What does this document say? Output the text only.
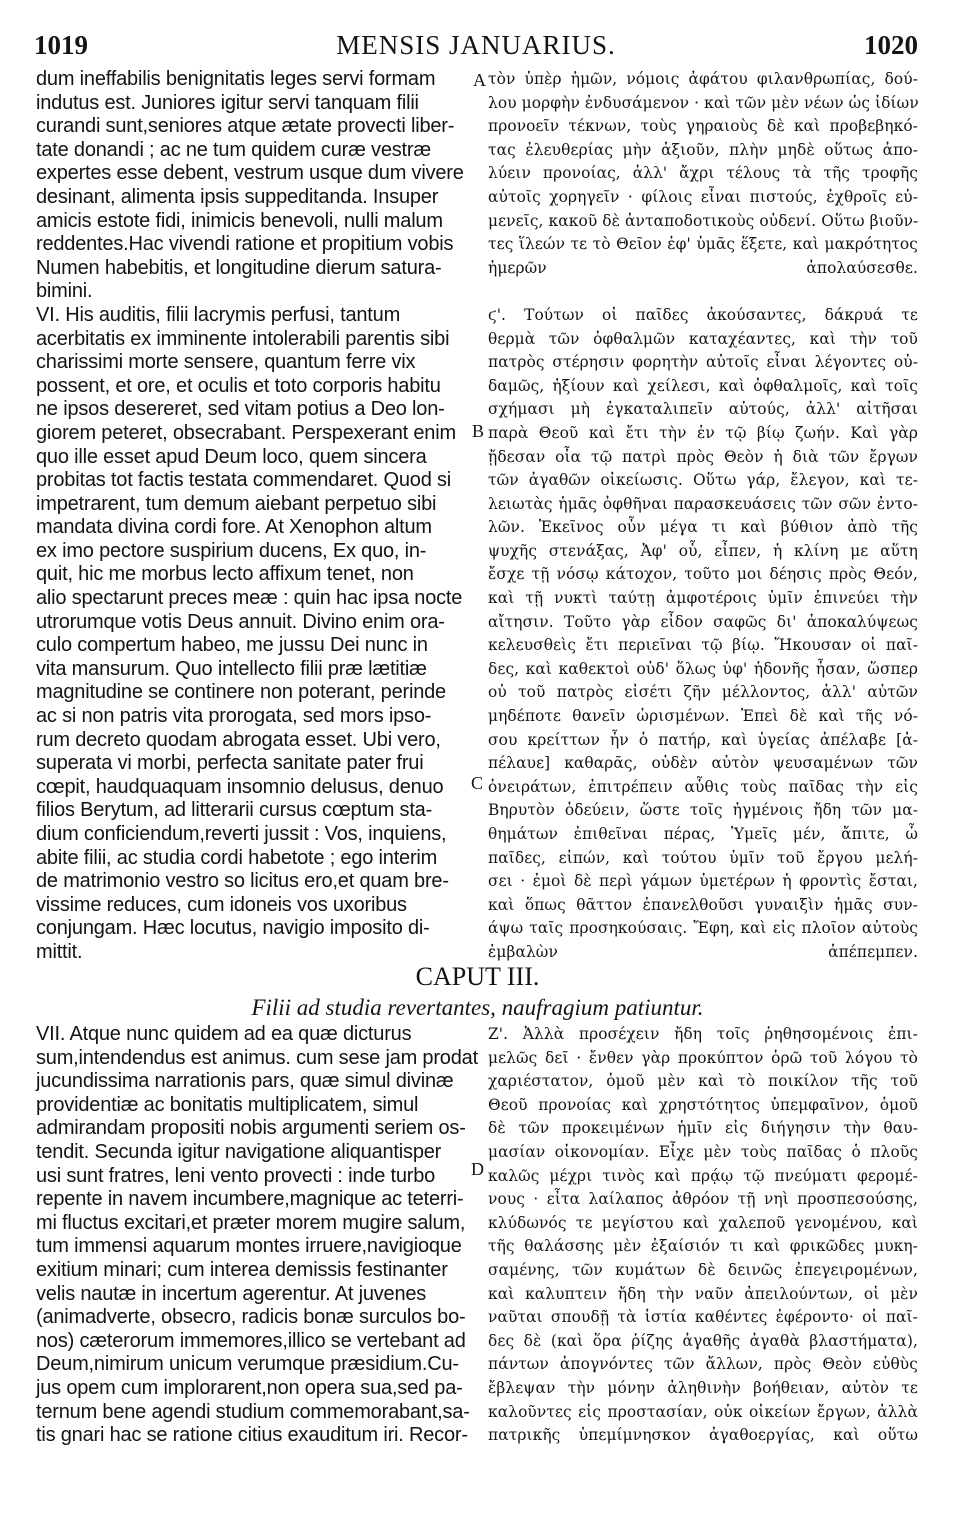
1019	MENSIS JANUARIUS.	1020
dum ineffabilis benignitatis leges servi formam
indutus est. Juniores igitur servi tanquam filii
curandi sunt,seniores atque ætate provecti liber-
tate donandi ; ac ne tum quidem curæ vestræ
expertes esse debent, vestrum usque dum vivere
desinant, alimenta ipsis suppeditanda. Insuper
amicis estote fidi, inimicis benevoli, nulli malum
reddentes.Hac vivendi ratione et propitium vobis
Numen habebitis, et longitudine dierum satura-
bimini.
VI. His auditis, filii lacrymis perfusi, tantum
acerbitatis ex imminente intolerabili parentis sibi
charissimi morte sensere, quantum ferre vix
possent, et ore, et oculis et toto corporis habitu
ne ipsos desereret, sed vitam potius a Deo lon-
giorem peteret, obsecrabant. Perspexerant enim
quo ille esset apud Deum loco, quem sincera
probitas tot factis testata commendaret. Quod si
impetrarent, tum demum aiebant perpetuo sibi
mandata divina cordi fore. At Xenophon altum
ex imo pectore suspirium ducens, Ex quo, in-
quit, hic me morbus lecto affixum tenet, non
alio spectarunt preces meæ : quin hac ipsa nocte
utrorumque votis Deus annuit. Divino enim ora-
culo compertum habeo, me jussu Dei nunc in
vita mansurum. Quo intellecto filii præ lætitiæ
magnitudine se continere non poterant, perinde
ac si non patris vita prorogata, sed mors ipso-
rum decreto quodam abrogata esset. Ubi vero,
superata vi morbi, perfecta sanitate pater frui
cœpit, haudquaquam insomnio delusus, denuo
filios Berytum, ad litterarii cursus cœptum sta-
dium conficiendum,reverti jussit : Vos, inquiens,
abite filii, ac studia cordi habetote ; ego interim
de matrimonio vestro so licitus ero,et quam bre-
vissime reduces, cum idoneis vos uxoribus
conjungam. Hæc locutus, navigio imposito di-
mittit.
τὸν ὑπὲρ ἡμῶν, νόμοις ἀφάτου φιλανθρωπίας, δού-
λου μορφὴν ἐνδυσάμενον · καὶ τῶν μὲν νέων ὡς ἰδίων
προνοεῖν τέκνων, τοὺς γηραιοὺς δὲ καὶ προβεβηκό-
τας ἐλευθερίας μὴν ἀξιοῦν, πλὴν μηδὲ οὕτως ἀπο-
λύειν προνοίας, ἀλλ' ἄχρι τέλους τὰ τῆς τροφῆς
αὐτοῖς χορηγεῖν · φίλοις εἶναι πιστούς, ἐχθροῖς εὐ-
μενεῖς, κακοῦ δὲ ἀνταποδοτικοὺς οὐδενί. Οὕτω βιοῦν-
τες ἵλεών τε τὸ Θεῖον ἐφ' ὑμᾶς ἕξετε, καὶ μακρότητος
ἡμερῶν ἀπολαύσεσθε.
ϛ'. Τούτων οἱ παῖδες ἀκούσαντες, δάκρυά τε
θερμὰ τῶν ὀφθαλμῶν καταχέαντες, καὶ τὴν τοῦ
πατρὸς στέρησιν φορητὴν αὐτοῖς εἶναι λέγοντες οὐ-
δαμῶς, ἠξίουν καὶ χείλεσι, καὶ ὀφθαλμοῖς, καὶ τοῖς
σχήμασι μὴ ἐγκαταλιπεῖν αὐτούς, ἀλλ' αἰτῆσαι
παρὰ Θεοῦ καὶ ἔτι τὴν ἐν τῷ βίῳ ζωήν. Καὶ γὰρ
ᾔδεσαν οἷα τῷ πατρὶ πρὸς Θεὸν ἡ διὰ τῶν ἔργων
τῶν ἀγαθῶν οἰκείωσις. Οὕτω γάρ, ἔλεγον, καὶ τε-
λειωτὰς ἡμᾶς ὀφθῆναι παρασκευάσεις τῶν σῶν ἐντο-
λῶν. Ἐκεῖνος οὖν μέγα τι καὶ βύθιον ἀπὸ τῆς
ψυχῆς στενάξας, Ἀφ' οὗ, εἶπεν, ἡ κλίνη με αὕτη
ἔσχε τῇ νόσῳ κάτοχον, τοῦτο μοι δέησις πρὸς Θεόν,
καὶ τῇ νυκτὶ ταύτῃ ἀμφοτέροις ὑμῖν ἐπινεύει τὴν
αἴτησιν. Τοῦτο γὰρ εἶδον σαφῶς δι' ἀποκαλύψεως
κελευσθεὶς ἔτι περιεῖναι τῷ βίῳ. Ἤκουσαν οἱ παῖ-
δες, καὶ καθεκτοὶ οὐδ' ὅλως ὑφ' ἡδονῆς ἦσαν, ὥσπερ
οὐ τοῦ πατρὸς εἰσέτι ζῆν μέλλοντος, ἀλλ' αὐτῶν
μηδέποτε θανεῖν ὡρισμένων. Ἐπεὶ δὲ καὶ τῆς νό-
σου κρείττων ἦν ὁ πατήρ, καὶ ὑγείας ἀπέλαβε [ἀ-
πέλαυε] καθαρᾶς, οὐδὲν αὐτὸν ψευσαμένων τῶν
ὀνειράτων, ἐπιτρέπειν αὖθις τοὺς παῖδας τὴν εἰς
Βηρυτὸν ὁδεύειν, ὥστε τοῖς ἠγμένοις ἤδη τῶν μα-
θημάτων ἐπιθεῖναι πέρας, Ὑμεῖς μέν, ἄπιτε, ὦ
παῖδες, εἰπών, καὶ τούτου ὑμῖν τοῦ ἔργου μελή-
σει · ἐμοὶ δὲ περὶ γάμων ὑμετέρων ἡ φροντὶς ἔσται,
καὶ ὅπως θᾶττον ἐπανελθοῦσι γυναιξὶν ἡμᾶς συν-
άψω ταῖς προσηκούσαις. Ἔφη, καὶ εἰς πλοῖον αὐτοὺς
ἐμβαλὼν ἀπέπεμπεν.
A
B
C
D
CAPUT III.
Filii ad studia revertantes, naufragium patiuntur.
VII. Atque nunc quidem ad ea quæ dicturus
sum,intendendus est animus. cum sese jam prodat
jucundissima narrationis pars, quæ simul divinæ
providentiæ ac bonitatis multiplicatem, simul
admirandam propositi nobis argumenti seriem os-
tendit. Secunda igitur navigatione aliquantisper
usi sunt fratres, leni vento provecti : inde turbo
repente in navem incumbere,magnique ac teterri-
mi fluctus excitari,et præter morem mugire salum,
tum immensi aquarum montes irruere,navigioque
exitium minari; cum interea demissis festinanter
velis nautæ in incertum agerentur. At juvenes
(animadverte, obsecro, radicis bonæ surculos bo-
nos) cæterorum immemores,illico se vertebant ad
Deum,nimirum unicum verumque præsidium.Cu-
jus opem cum implorarent,non opera sua,sed pa-
ternum bene agendi studium commemorabant,sa-
tis gnari hac se ratione citius exauditum iri. Recor-
Ζ'. Ἀλλὰ προσέχειν ἤδη τοῖς ῥηθησομένοις ἐπι-
μελῶς δεῖ · ἔνθεν γὰρ προκύπτον ὁρῶ τοῦ λόγου τὸ
χαριέστατον, ὁμοῦ μὲν καὶ τὸ ποικίλον τῆς τοῦ
Θεοῦ προνοίας καὶ χρηστότητος ὑπεμφαῖνον, ὁμοῦ
δὲ τῶν προκειμένων ἡμῖν εἰς διήγησιν τὴν θαυ-
μασίαν οἰκονομίαν. Εἶχε μὲν τοὺς παῖδας ὁ πλοῦς
καλῶς μέχρι τινὸς καὶ πρᾴῳ τῷ πνεύματι φερομέ-
νους · εἶτα λαίλαπος ἀθρόον τῇ νηὶ προσπεσούσης,
κλύδωνός τε μεγίστου καὶ χαλεποῦ γενομένου, καὶ
τῆς θαλάσσης μὲν ἐξαίσιόν τι καὶ φρικῶδες μυκη-
σαμένης, τῶν κυμάτων δὲ δεινῶς ἐπεγειρομένων,
καὶ καλυπτειν ἤδη τὴν ναῦν ἀπειλούντων, οἱ μὲν
ναῦται σπουδῇ τὰ ἱστία καθέντες ἐφέροντο· οἱ παῖ-
δες δὲ (καὶ ὅρα ῥίζης ἀγαθῆς ἀγαθὰ βλαστήματα),
πάντων ἀπογνόντες τῶν ἄλλων, πρὸς Θεὸν εὐθὺς
ἔβλεψαν τὴν μόνην ἀληθινὴν βοήθειαν, αὐτὸν τε
καλοῦντες εἰς προστασίαν, οὐκ οἰκείων ἔργων, ἀλλὰ
πατρικῆς ὑπεμίμνησκον ἀγαθοεργίας, καὶ οὕτω
